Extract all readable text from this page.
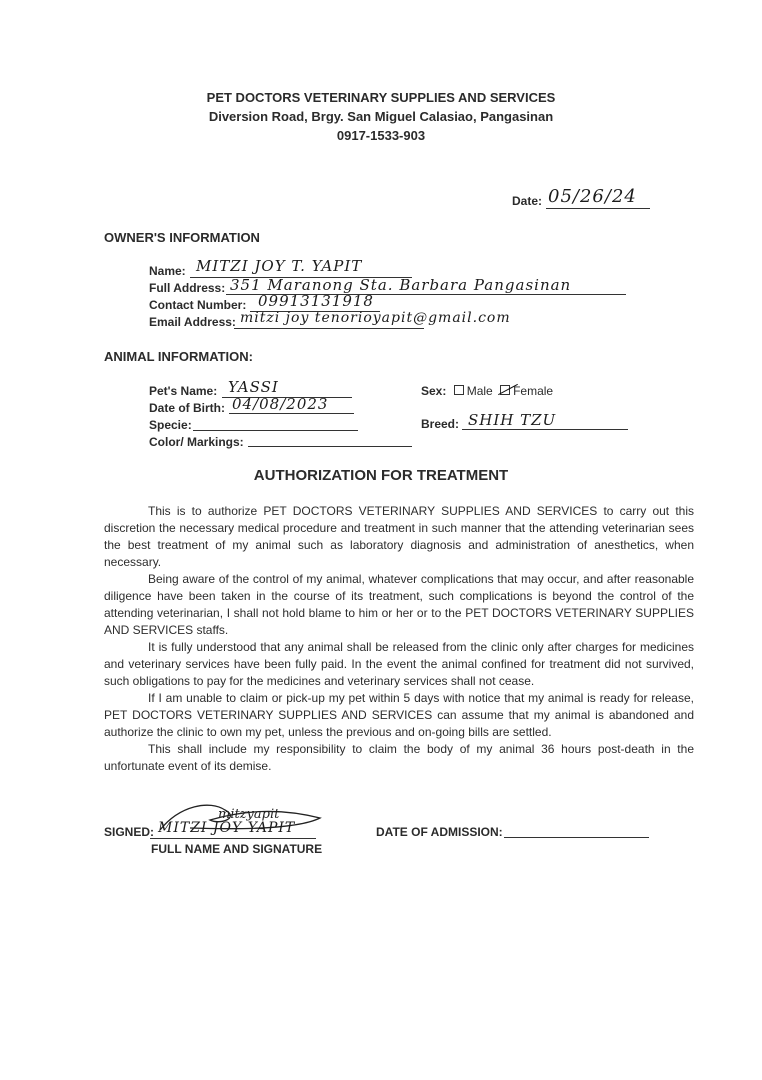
PET DOCTORS VETERINARY SUPPLIES AND SERVICES
Diversion Road, Brgy. San Miguel Calasiao, Pangasinan
0917-1533-903
Date: 05/26/24
OWNER'S INFORMATION
Name: MITZI JOY T. YAPIT
Full Address: 351 Maranong Sta. Barbara Pangasinan
Contact Number: 09913131918
Email Address: mitzi joy tenorioyapit@gmail.com
ANIMAL INFORMATION:
Pet's Name: YASSI
Date of Birth: 04/08/2023
Specie:
Color/ Markings:
Sex: Male Female
Breed: SHIH TZU
AUTHORIZATION FOR TREATMENT

This is to authorize PET DOCTORS VETERINARY SUPPLIES AND SERVICES to carry out this discretion the necessary medical procedure and treatment in such manner that the attending veterinarian sees the best treatment of my animal such as laboratory diagnosis and administration of anesthetics, when necessary.

Being aware of the control of my animal, whatever complications that may occur, and after reasonable diligence have been taken in the course of its treatment, such complications is beyond the control of the attending veterinarian, I shall not hold blame to him or her or to the PET DOCTORS VETERINARY SUPPLIES AND SERVICES staffs.

It is fully understood that any animal shall be released from the clinic only after charges for medicines and veterinary services have been fully paid. In the event the animal confined for treatment did not survived, such obligations to pay for the medicines and veterinary services shall not cease.

If I am unable to claim or pick-up my pet within 5 days with notice that my animal is ready for release, PET DOCTORS VETERINARY SUPPLIES AND SERVICES can assume that my animal is abandoned and authorize the clinic to own my pet, unless the previous and on-going bills are settled.

This shall include my responsibility to claim the body of my animal 36 hours post-death in the unfortunate event of its demise.

mitzyapit
SIGNED: MITZI JOY YAPIT
FULL NAME AND SIGNATURE
DATE OF ADMISSION:
